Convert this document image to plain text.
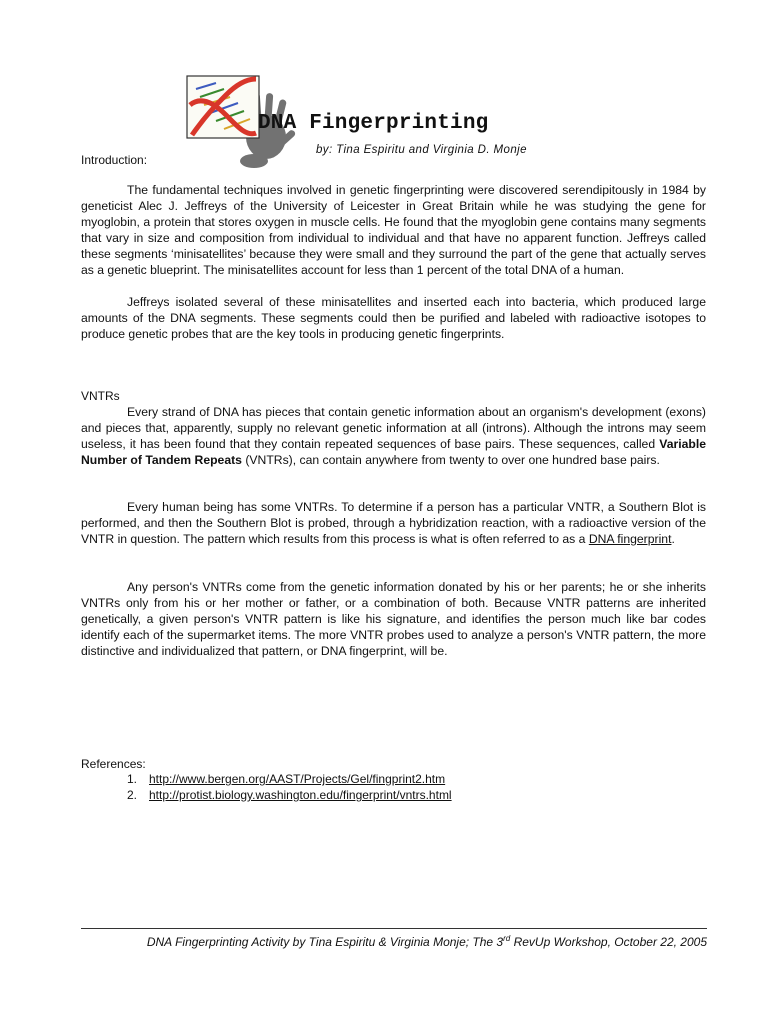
DNA Fingerprinting
by: Tina Espiritu and Virginia D. Monje
Introduction:

The fundamental techniques involved in genetic fingerprinting were discovered serendipitously in 1984 by geneticist Alec J. Jeffreys of the University of Leicester in Great Britain while he was studying the gene for myoglobin, a protein that stores oxygen in muscle cells. He found that the myoglobin gene contains many segments that vary in size and composition from individual to individual and that have no apparent function. Jeffreys called these segments ‘minisatellites’ because they were small and they surround the part of the gene that actually serves as a genetic blueprint. The minisatellites account for less than 1 percent of the total DNA of a human.

Jeffreys isolated several of these minisatellites and inserted each into bacteria, which produced large amounts of the DNA segments. These segments could then be purified and labeled with radioactive isotopes to produce genetic probes that are the key tools in producing genetic fingerprints.

VNTRs

Every strand of DNA has pieces that contain genetic information about an organism's development (exons) and pieces that, apparently, supply no relevant genetic information at all (introns). Although the introns may seem useless, it has been found that they contain repeated sequences of base pairs. These sequences, called Variable Number of Tandem Repeats (VNTRs), can contain anywhere from twenty to over one hundred base pairs.

Every human being has some VNTRs. To determine if a person has a particular VNTR, a Southern Blot is performed, and then the Southern Blot is probed, through a hybridization reaction, with a radioactive version of the VNTR in question. The pattern which results from this process is what is often referred to as a DNA fingerprint.

Any person's VNTRs come from the genetic information donated by his or her parents; he or she inherits VNTRs only from his or her mother or father, or a combination of both. Because VNTR patterns are inherited genetically, a given person's VNTR pattern is like his signature, and identifies the person much like bar codes identify each of the supermarket items. The more VNTR probes used to analyze a person's VNTR pattern, the more distinctive and individualized that pattern, or DNA fingerprint, will be.

References:
1. http://www.bergen.org/AAST/Projects/Gel/fingprint2.htm
2. http://protist.biology.washington.edu/fingerprint/vntrs.html
DNA Fingerprinting Activity by Tina Espiritu & Virginia Monje; The 3rd RevUp Workshop, October 22, 2005
